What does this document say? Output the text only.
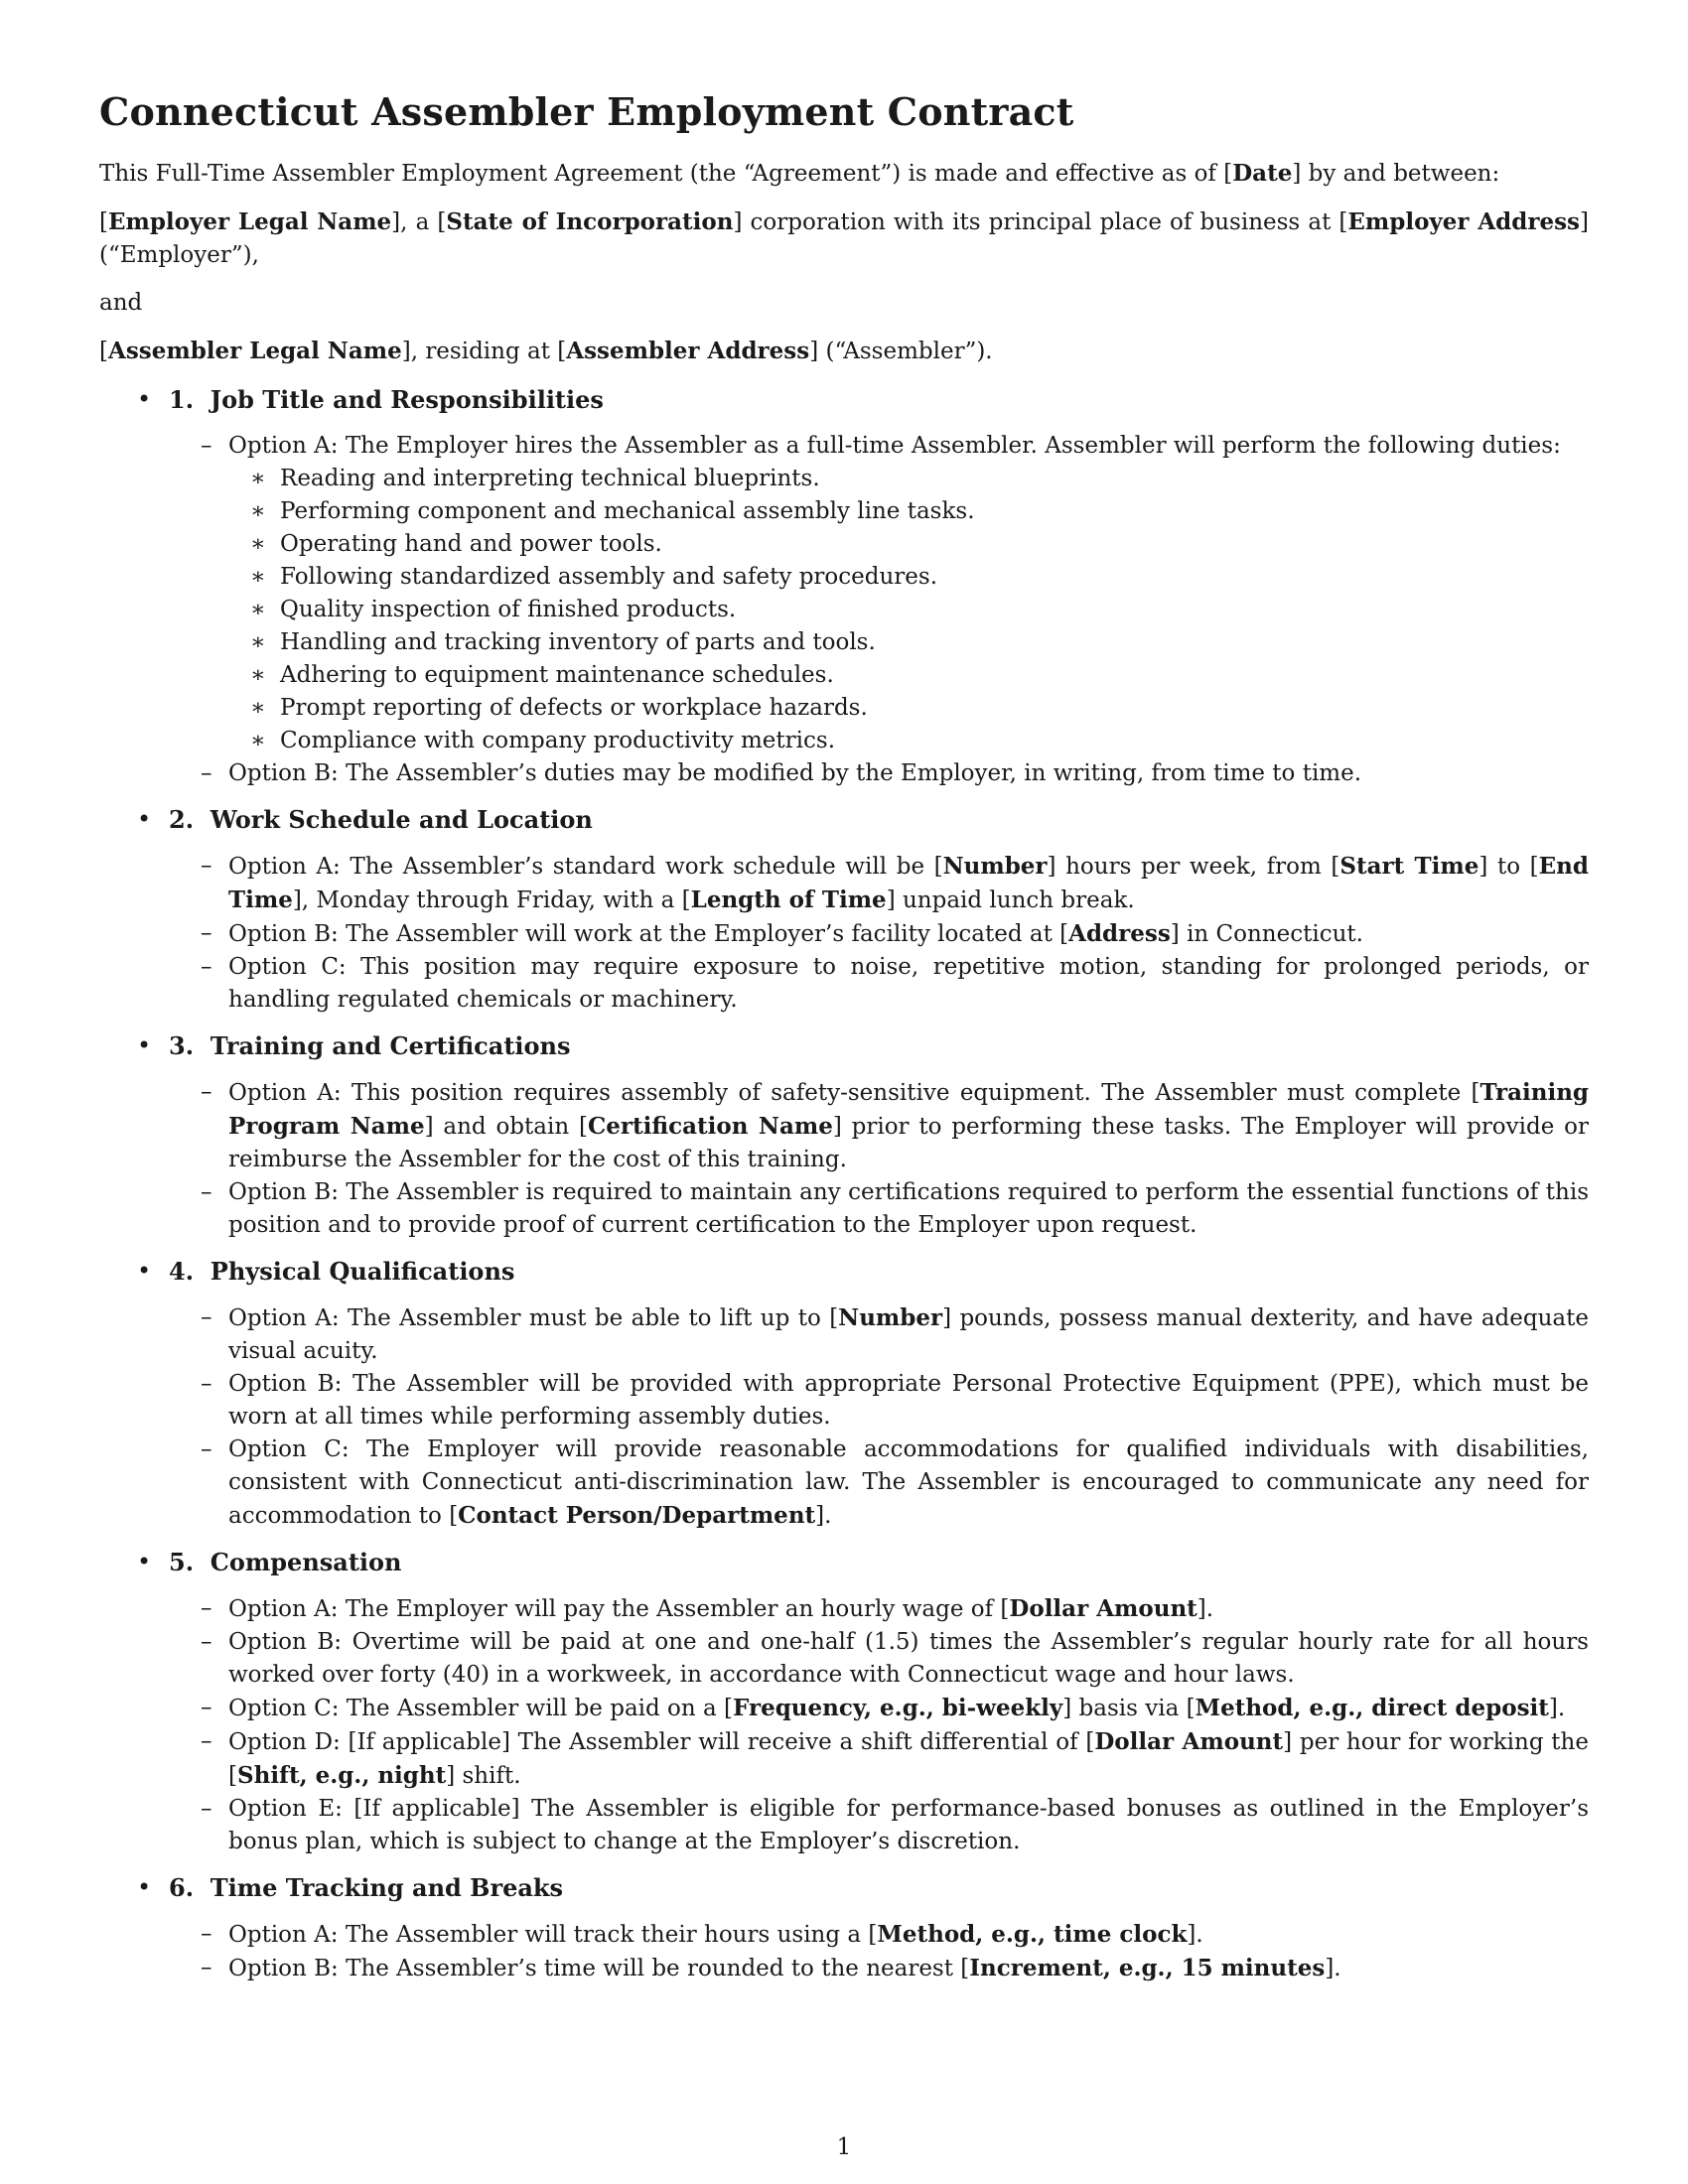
Connecticut Assembler Employment Contract

This Full-Time Assembler Employment Agreement (the “Agreement”) is made and effective as of [Date] by and between:

[Employer Legal Name], a [State of Incorporation] corporation with its principal place of business at [Employer Address] (“Employer”),

and

[Assembler Legal Name], residing at [Assembler Address] (“Assembler”).

• 1.  Job Title and Responsibilities
– Option A: The Employer hires the Assembler as a full-time Assembler. Assembler will perform the following duties:
∗ Reading and interpreting technical blueprints.
∗ Performing component and mechanical assembly line tasks.
∗ Operating hand and power tools.
∗ Following standardized assembly and safety procedures.
∗ Quality inspection of finished products.
∗ Handling and tracking inventory of parts and tools.
∗ Adhering to equipment maintenance schedules.
∗ Prompt reporting of defects or workplace hazards.
∗ Compliance with company productivity metrics.
– Option B: The Assembler’s duties may be modified by the Employer, in writing, from time to time.
• 2.  Work Schedule and Location
– Option A: The Assembler’s standard work schedule will be [Number] hours per week, from [Start Time] to [End Time], Monday through Friday, with a [Length of Time] unpaid lunch break.
– Option B: The Assembler will work at the Employer’s facility located at [Address] in Connecticut.
– Option C: This position may require exposure to noise, repetitive motion, standing for prolonged periods, or handling regulated chemicals or machinery.
• 3.  Training and Certifications
– Option A: This position requires assembly of safety-sensitive equipment. The Assembler must complete [Training Program Name] and obtain [Certification Name] prior to performing these tasks. The Employer will provide or reimburse the Assembler for the cost of this training.
– Option B: The Assembler is required to maintain any certifications required to perform the essential functions of this position and to provide proof of current certification to the Employer upon request.
• 4.  Physical Qualifications
– Option A: The Assembler must be able to lift up to [Number] pounds, possess manual dexterity, and have adequate visual acuity.
– Option B: The Assembler will be provided with appropriate Personal Protective Equipment (PPE), which must be worn at all times while performing assembly duties.
– Option C: The Employer will provide reasonable accommodations for qualified individuals with disabilities, consistent with Connecticut anti-discrimination law. The Assembler is encouraged to communicate any need for accommodation to [Contact Person/Department].
• 5.  Compensation
– Option A: The Employer will pay the Assembler an hourly wage of [Dollar Amount].
– Option B: Overtime will be paid at one and one-half (1.5) times the Assembler’s regular hourly rate for all hours worked over forty (40) in a workweek, in accordance with Connecticut wage and hour laws.
– Option C: The Assembler will be paid on a [Frequency, e.g., bi-weekly] basis via [Method, e.g., direct deposit].
– Option D: [If applicable] The Assembler will receive a shift differential of [Dollar Amount] per hour for working the [Shift, e.g., night] shift.
– Option E: [If applicable] The Assembler is eligible for performance-based bonuses as outlined in the Employer’s bonus plan, which is subject to change at the Employer’s discretion.
• 6.  Time Tracking and Breaks
– Option A: The Assembler will track their hours using a [Method, e.g., time clock].
– Option B: The Assembler’s time will be rounded to the nearest [Increment, e.g., 15 minutes].
1
